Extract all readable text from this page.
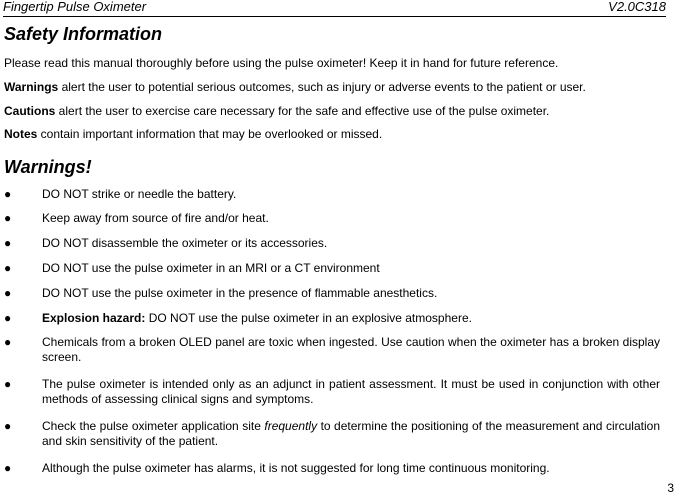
Fingertip Pulse Oximeter	V2.0C318
Safety Information
Please read this manual thoroughly before using the pulse oximeter! Keep it in hand for future reference.
Warnings alert the user to potential serious outcomes, such as injury or adverse events to the patient or user.
Cautions alert the user to exercise care necessary for the safe and effective use of the pulse oximeter.
Notes contain important information that may be overlooked or missed.
Warnings!
●	DO NOT strike or needle the battery.
●	Keep away from source of fire and/or heat.
●	DO NOT disassemble the oximeter or its accessories.
●	DO NOT use the pulse oximeter in an MRI or a CT environment
●	DO NOT use the pulse oximeter in the presence of flammable anesthetics.
●	Explosion hazard: DO NOT use the pulse oximeter in an explosive atmosphere.
●	Chemicals from a broken OLED panel are toxic when ingested. Use caution when the oximeter has a broken display screen.
●	The pulse oximeter is intended only as an adjunct in patient assessment. It must be used in conjunction with other methods of assessing clinical signs and symptoms.
●	Check the pulse oximeter application site frequently to determine the positioning of the measurement and circulation and skin sensitivity of the patient.
●	Although the pulse oximeter has alarms, it is not suggested for long time continuous monitoring.
3
